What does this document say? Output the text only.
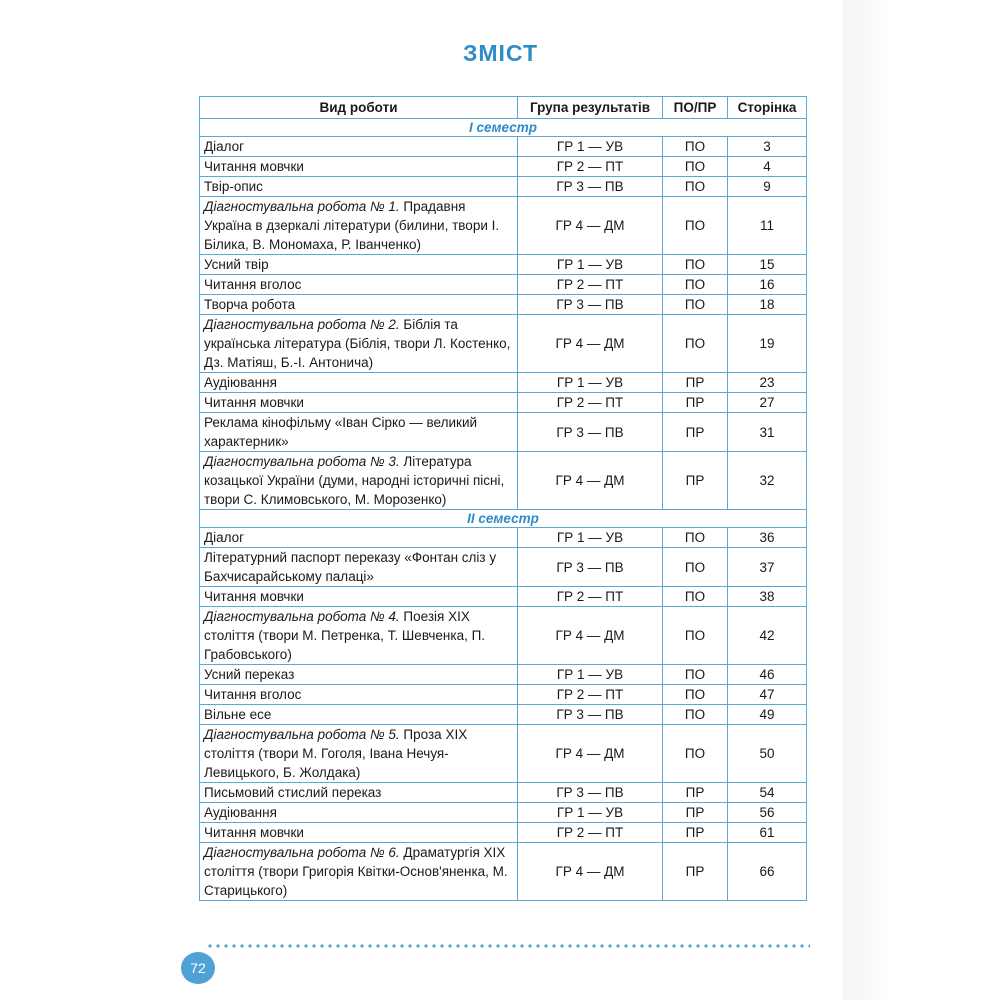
ЗМІСТ
Вид роботи	Група результатів	ПО/ПР	Сторінка
І семестр			
Діалог	ГР 1 — УВ	ПО	3
Читання мовчки	ГР 2 — ПТ	ПО	4
Твір-опис	ГР 3 — ПВ	ПО	9
Діагностувальна робота № 1. Прадавня Україна в дзеркалі літератури (билини, твори І. Білика, В. Мономаха, Р. Іванченко)	ГР 4 — ДМ	ПО	11
Усний твір	ГР 1 — УВ	ПО	15
Читання вголос	ГР 2 — ПТ	ПО	16
Творча робота	ГР 3 — ПВ	ПО	18
Діагностувальна робота № 2. Біблія та українська література (Біблія, твори Л. Костенко, Дз. Матіяш, Б.-І. Антонича)	ГР 4 — ДМ	ПО	19
Аудіювання	ГР 1 — УВ	ПР	23
Читання мовчки	ГР 2 — ПТ	ПР	27
Реклама кінофільму «Іван Сірко — великий характерник»	ГР 3 — ПВ	ПР	31
Діагностувальна робота № 3. Література козацької України (думи, народні історичні пісні, твори С. Климовського, М. Морозенко)	ГР 4 — ДМ	ПР	32
ІІ семестр			
Діалог	ГР 1 — УВ	ПО	36
Літературний паспорт переказу «Фонтан сліз у Бахчисарайському палаці»	ГР 3 — ПВ	ПО	37
Читання мовчки	ГР 2 — ПТ	ПО	38
Діагностувальна робота № 4. Поезія ХІХ століття (твори М. Петренка, Т. Шевченка, П. Грабовського)	ГР 4 — ДМ	ПО	42
Усний переказ	ГР 1 — УВ	ПО	46
Читання вголос	ГР 2 — ПТ	ПО	47
Вільне есе	ГР 3 — ПВ	ПО	49
Діагностувальна робота № 5. Проза ХІХ століття (твори М. Гоголя, Івана Нечуя-Левицького, Б. Жолдака)	ГР 4 — ДМ	ПО	50
Письмовий стислий переказ	ГР 3 — ПВ	ПР	54
Аудіювання	ГР 1 — УВ	ПР	56
Читання мовчки	ГР 2 — ПТ	ПР	61
Діагностувальна робота № 6. Драматургія ХІХ століття (твори Григорія Квітки-Основ'яненка, М. Старицького)	ГР 4 — ДМ	ПР	66
72
